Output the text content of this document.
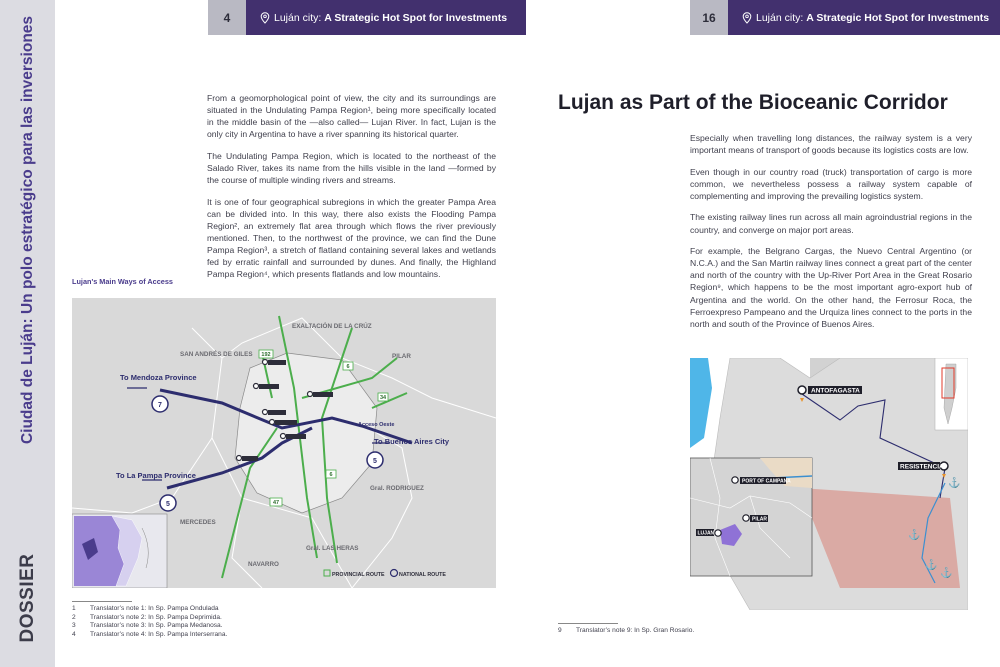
Ciudad de Luján: Un polo estratégico para las inversiones
DOSSIER
4	Luján city: A Strategic Hot Spot for Investments	16	Luján city: A Strategic Hot Spot for Investments

From a geomorphological point of view, the city and its surroundings are situated in the Undulating Pampa Region¹, being more specifically located in the middle basin of the —also called— Lujan River. In fact, Lujan is the only city in Argentina to have a river spanning its historical quarter.

The Undulating Pampa Region, which is located to the northeast of the Salado River, takes its name from the hills visible in the land —formed by the course of multiple winding rivers and streams.

It is one of four geographical subregions in which the greater Pampa Area can be divided into. In this way, there also exists the Flooding Pampa Region², an extremely flat area through which flows the river previously mentioned. Then, to the northwest of the province, we can find the Dune Pampa Region³, a stretch of flatland containing several lakes and wetlands fed by erratic rainfall and surrounded by dunes. And finally, the Highland Pampa Region⁴, which presents flatlands and low mountains.

Lujan's Main Ways of Access
7
5
5
192
6
34
6
47
EXALTACIÓN DE LA CRÚZ
SAN ANDRÉS DE GILES	PILAR
Gral. RODRIGUEZ
MERCEDES
NAVARRO
Gral. LAS HERAS
To Mendoza Province
To Buenos Aires City
To La Pampa Province
Acceso Oeste
PROVINCIAL ROUTE	NATIONAL ROUTE
1	Translator’s note 1: In Sp. Pampa Ondulada
2	Translator’s note 2: In Sp. Pampa Deprimida.
3	Translator’s note 3: In Sp. Pampa Medanosa.
4	Translator’s note 4: In Sp. Pampa Interserrana.
Lujan as Part of the Bioceanic Corridor

Especially when travelling long distances, the railway system is a very important means of transport of goods because its logistics costs are low.

Even though in our country road (truck) transportation of cargo is more common, we nevertheless possess a railway system capable of complementing and improving the prevailing logistics system.

The existing railway lines run across all main agroindustrial regions in the country, and converge on major port areas.

For example, the Belgrano Cargas, the Nuevo Central Argentino (or N.C.A.) and the San Martin railway lines connect a great part of the center and north of the country with the Up-River Port Area in the Great Rosario Region⁹, which happens to be the most important agro-export hub of Argentina and the world. On the other hand, the Ferrosur Roca, the Ferroexpreso Pampeano and the Urquiza lines connect to the ports in the north and south of the Province of Buenos Aires.

⚓
⚓
⚓
⚓
ANTOFAGASTA
RESISTENCIA
PORT OF CAMPANA
PILAR
LUJAN
9	Translator’s note 9: In Sp. Gran Rosario.
